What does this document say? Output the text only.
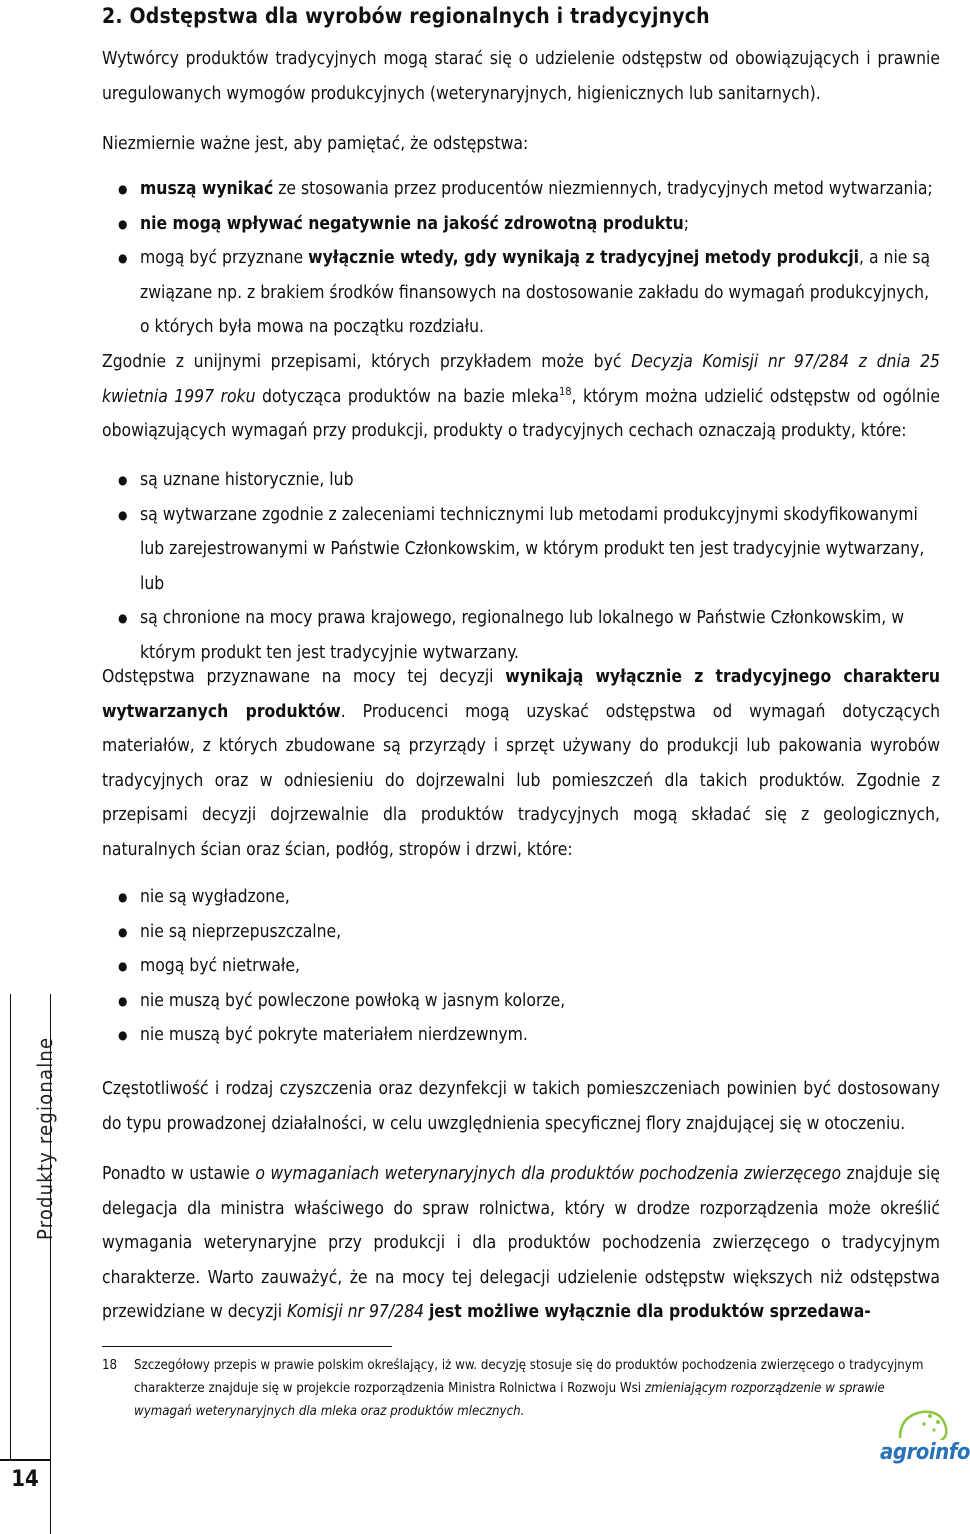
2. Odstępstwa dla wyrobów regionalnych i tradycyjnych
Wytwórcy produktów tradycyjnych mogą starać się o udzielenie odstępstw od obowiązujących i prawnie uregulowanych wymogów produkcyjnych (weterynaryjnych, higienicznych lub sanitarnych).
Niezmiernie ważne jest, aby pamiętać, że odstępstwa:
● muszą wynikać ze stosowania przez producentów niezmiennych, tradycyjnych metod wytwarzania;
● nie mogą wpływać negatywnie na jakość zdrowotną produktu;
● mogą być przyznane wyłącznie wtedy, gdy wynikają z tradycyjnej metody produkcji, a nie są związane np. z brakiem środków finansowych na dostosowanie zakładu do wymagań produkcyjnych, o których była mowa na początku rozdziału.
Zgodnie z unijnymi przepisami, których przykładem może być Decyzja Komisji nr 97/284 z dnia 25 kwietnia 1997 roku dotycząca produktów na bazie mleka$^{18}$, którym można udzielić odstępstw od ogólnie obowiązujących wymagań przy produkcji, produkty o tradycyjnych cechach oznaczają produkty, które:
● są uznane historycznie, lub
● są wytwarzane zgodnie z zaleceniami technicznymi lub metodami produkcyjnymi skodyfikowanymi lub zarejestrowanymi w Państwie Członkowskim, w którym produkt ten jest tradycyjnie wytwarzany, lub
● są chronione na mocy prawa krajowego, regionalnego lub lokalnego w Państwie Członkowskim, w którym produkt ten jest tradycyjnie wytwarzany.
Odstępstwa przyznawane na mocy tej decyzji wynikają wyłącznie z tradycyjnego charakteru wytwarzanych produktów. Producenci mogą uzyskać odstępstwa od wymagań dotyczących materiałów, z których zbudowane są przyrządy i sprzęt używany do produkcji lub pakowania wyrobów tradycyjnych oraz w odniesieniu do dojrzewalni lub pomieszczeń dla takich produktów. Zgodnie z przepisami decyzji dojrzewalnie dla produktów tradycyjnych mogą składać się z geologicznych, naturalnych ścian oraz ścian, podłóg, stropów i drzwi, które:
● nie są wygładzone,
● nie są nieprzepuszczalne,
● mogą być nietrwałe,
● nie muszą być powleczone powłoką w jasnym kolorze,
● nie muszą być pokryte materiałem nierdzewnym.
Częstotliwość i rodzaj czyszczenia oraz dezynfekcji w takich pomieszczeniach powinien być dostosowany do typu prowadzonej działalności, w celu uwzględnienia specyficznej flory znajdującej się w otoczeniu.
Ponadto w ustawie o wymaganiach weterynaryjnych dla produktów pochodzenia zwierzęcego znajduje się delegacja dla ministra właściwego do spraw rolnictwa, który w drodze rozporządzenia może określić wymagania weterynaryjne przy produkcji i dla produktów pochodzenia zwierzęcego o tradycyjnym charakterze. Warto zauważyć, że na mocy tej delegacji udzielenie odstępstw większych niż odstępstwa przewidziane w decyzji Komisji nr 97/284 jest możliwe wyłącznie dla produktów sprzedawa-
18 Szczegółowy przepis w prawie polskim określający, iż ww. decyzję stosuje się do produktów pochodzenia zwierzęcego o tradycyjnym charakterze znajduje się w projekcie rozporządzenia Ministra Rolnictwa i Rozwoju Wsi zmieniającym rozporządzenie w sprawie wymagań weterynaryjnych dla mleka oraz produktów mlecznych.
Produkty regionalne
14
agroinfo
